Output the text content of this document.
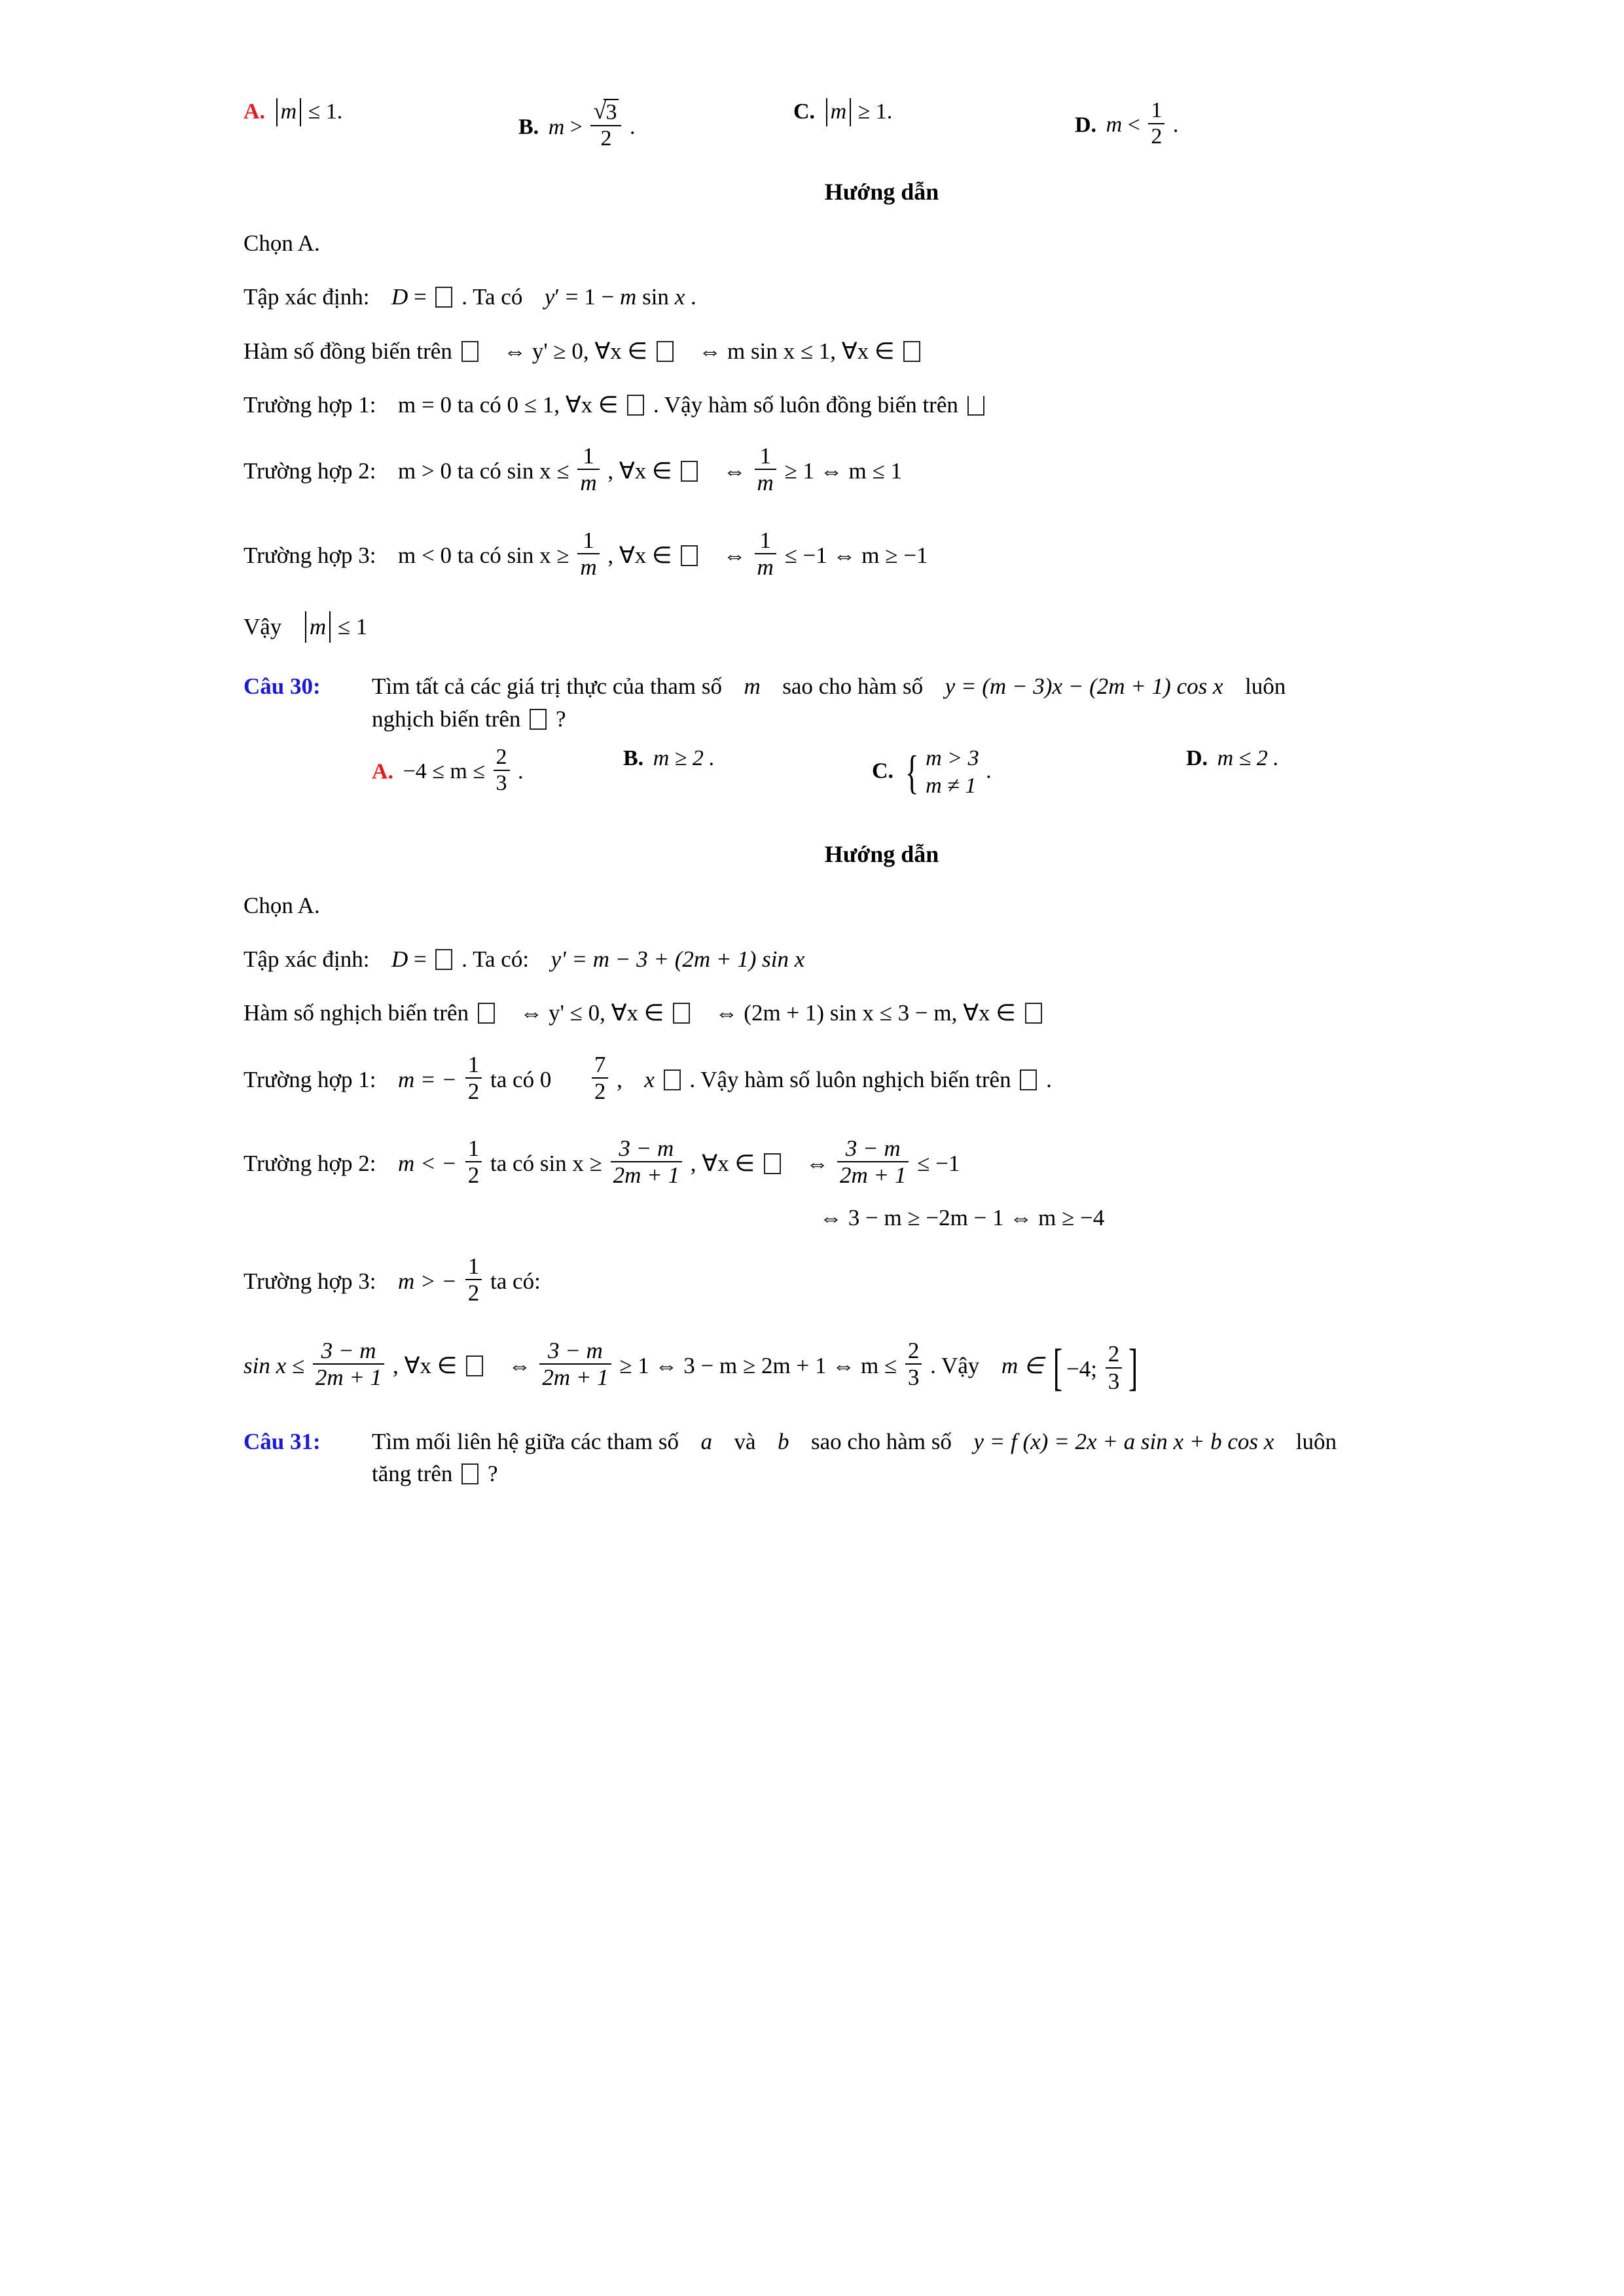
A. m ≤ 1.
B. m > √ $\frac{3}{2}$ .
C. m ≥ 1.
D. $m < \frac{1}{2}$ .
Hướng dẫn
Chọn A.
Tập xác định: D =  . Ta có y′ = 1 − m sin x .
Hàm số đồng biến trên ⇔ y' ≥ 0, ∀x ∈ ⇔ m sin x ≤ 1, ∀x ∈
Trường hợp 1: m = 0 ta có 0 ≤ 1, ∀x ∈ . Vậy hàm số luôn đồng biến trên
Trường hợp 2: m > 0 ta có $\sin x \le \frac{1}{m}$ , ∀x ∈ ⇔ $\frac{1}{m} \ge 1$ ⇔ m ≤ 1
Trường hợp 3: m < 0 ta có $\sin x \ge \frac{1}{m}$ , ∀x ∈ ⇔ $\frac{1}{m} \le -1$ ⇔ m ≥ −1
Vậy m ≤ 1
Câu 30:	Tìm tất cả các giá trị thực của tham số m sao cho hàm số y = (m − 3)x − (2m + 1) cos x luôn
nghịch biến trên ?
A. $-4 \le m \le \frac{2}{3}$ .
B. m ≥ 2 .
C. { m > 3
m ≠ 1
.
D. m ≤ 2 .
Hướng dẫn
Chọn A.
Tập xác định: D =  . Ta có: y' = m − 3 + (2m + 1) sin x
Hàm số nghịch biến trên ⇔ y' ≤ 0, ∀x ∈ ⇔ (2m + 1) sin x ≤ 3 − m, ∀x ∈
Trường hợp 1: m = − $\frac{1}{2}$ ta có $0 \frac{7}{2}$ , x . Vậy hàm số luôn nghịch biến trên .
Trường hợp 2: m < − $\frac{1}{2}$ ta có $\sin x \ge \frac{3 - m}{2m + 1}$ , ∀x ∈ ⇔ $\frac{3 - m}{2m + 1} \le -1$
⇔ 3 − m ≥ −2m − 1 ⇔ m ≥ −4
Trường hợp 3: m > − $\frac{1}{2}$ ta có:
$\sin x \le \frac{3 - m}{2m + 1}$ , ∀x ∈ ⇔ $\frac{3 - m}{2m + 1} \ge 1$ ⇔ 3 − m ≥ 2m + 1 ⇔ $m \le \frac{2}{3}$ . Vậy m ∈ [ −4; $\frac{2}{3}$ ]
Câu 31:	Tìm mối liên hệ giữa các tham số a và b sao cho hàm số y = f (x) = 2x + a sin x + b cos x luôn
tăng trên ?
